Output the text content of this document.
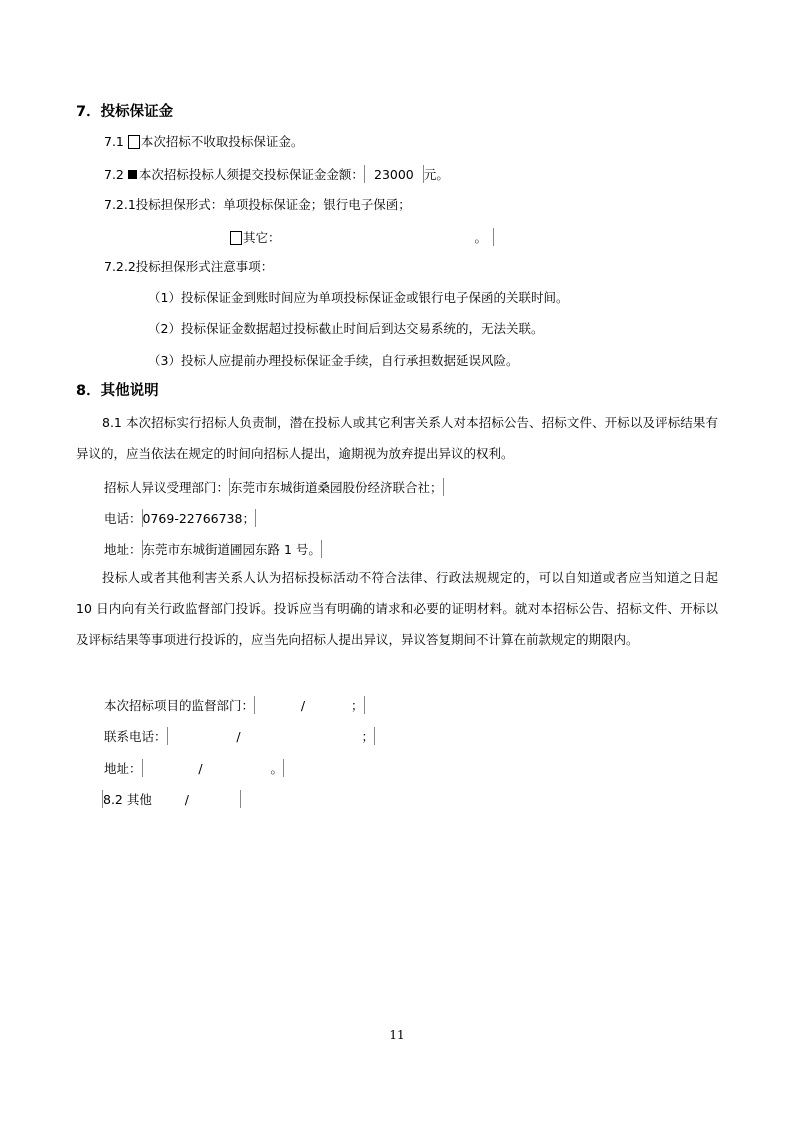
7．投标保证金
7.1 本次招标不收取投标保证金。
7.2 本次招标投标人须提交投标保证金金额： 23000 元。
7.2.1投标担保形式：单项投标保证金；银行电子保函；
其它：	。
7.2.2投标担保形式注意事项：
（1）投标保证金到账时间应为单项投标保证金或银行电子保函的关联时间。
（2）投标保证金数据超过投标截止时间后到达交易系统的，无法关联。
（3）投标人应提前办理投标保证金手续，自行承担数据延误风险。
8．其他说明
8.1 本次招标实行招标人负责制，潜在投标人或其它利害关系人对本招标公告、招标文件、开标以及评标结果有异议的，应当依法在规定的时间向招标人提出，逾期视为放弃提出异议的权利。
招标人异议受理部门：东莞市东城街道桑园股份经济联合社；
电话：0769-22766738；
地址：东莞市东城街道圃园东路 1 号。
投标人或者其他利害关系人认为招标投标活动不符合法律、行政法规规定的，可以自知道或者应当知道之日起 10 日内向有关行政监督部门投诉。投诉应当有明确的请求和必要的证明材料。就对本招标公告、招标文件、开标以及评标结果等事项进行投诉的，应当先向招标人提出异议，异议答复期间不计算在前款规定的期限内。
本次招标项目的监督部门：	/	；
联系电话：	/	；
地址：	/	。
8.2 其他	/
11
